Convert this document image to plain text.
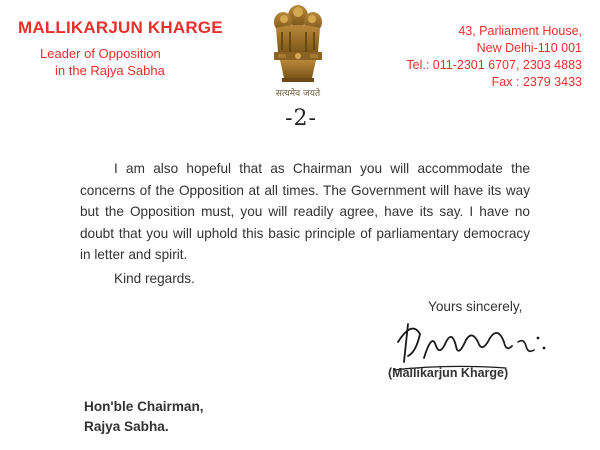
MALLIKARJUN KHARGE
Leader of Opposition
in the Rajya Sabha
सत्यमेव जयते
43, Parliament House,
New Delhi-110 001
Tel.: 011-2301 6707, 2303 4883
Fax : 2379 3433
-2-
I am also hopeful that as Chairman you will accommodate the concerns of the Opposition at all times. The Government will have its way but the Opposition must, you will readily agree, have its say. I have no doubt that you will uphold this basic principle of parliamentary democracy in letter and spirit.
Kind regards.
Yours sincerely,
(Mallikarjun Kharge)
Hon'ble Chairman,
Rajya Sabha.
